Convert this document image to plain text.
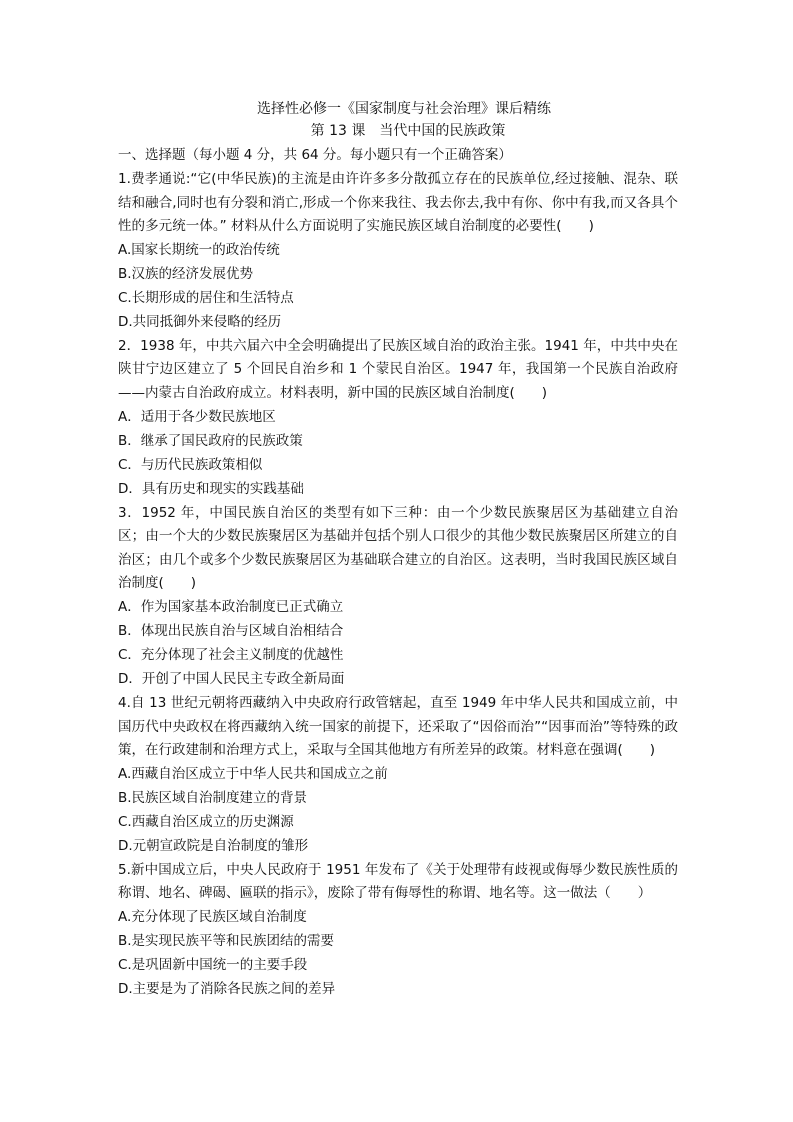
选择性必修一《国家制度与社会治理》课后精练
第 13 课　当代中国的民族政策
一、选择题（每小题 4 分，共 64 分。每小题只有一个正确答案）
1.费孝通说:“它(中华民族)的主流是由许许多多分散孤立存在的民族单位,经过接触、混杂、联结和融合,同时也有分裂和消亡,形成一个你来我往、我去你去,我中有你、你中有我,而又各具个性的多元统一体。” 材料从什么方面说明了实施民族区域自治制度的必要性(　　)
A.国家长期统一的政治传统
B.汉族的经济发展优势
C.长期形成的居住和生活特点
D.共同抵御外来侵略的经历
2．1938 年，中共六届六中全会明确提出了民族区域自治的政治主张。1941 年，中共中央在陕甘宁边区建立了 5 个回民自治乡和 1 个蒙民自治区。1947 年，我国第一个民族自治政府——内蒙古自治政府成立。材料表明，新中国的民族区域自治制度(　　)
A．适用于各少数民族地区
B．继承了国民政府的民族政策
C．与历代民族政策相似
D．具有历史和现实的实践基础
3．1952 年，中国民族自治区的类型有如下三种：由一个少数民族聚居区为基础建立自治区；由一个大的少数民族聚居区为基础并包括个别人口很少的其他少数民族聚居区所建立的自治区；由几个或多个少数民族聚居区为基础联合建立的自治区。这表明，当时我国民族区域自治制度(　　)
A．作为国家基本政治制度已正式确立
B．体现出民族自治与区域自治相结合
C．充分体现了社会主义制度的优越性
D．开创了中国人民民主专政全新局面
4.自 13 世纪元朝将西藏纳入中央政府行政管辖起，直至 1949 年中华人民共和国成立前，中国历代中央政权在将西藏纳入统一国家的前提下，还采取了“因俗而治”“因事而治”等特殊的政策，在行政建制和治理方式上，采取与全国其他地方有所差异的政策。材料意在强调(　　)
A.西藏自治区成立于中华人民共和国成立之前
B.民族区域自治制度建立的背景
C.西藏自治区成立的历史渊源
D.元朝宣政院是自治制度的雏形
5.新中国成立后，中央人民政府于 1951 年发布了《关于处理带有歧视或侮辱少数民族性质的称谓、地名、碑碣、匾联的指示》，废除了带有侮辱性的称谓、地名等。这一做法（　　）
A.充分体现了民族区域自治制度
B.是实现民族平等和民族团结的需要
C.是巩固新中国统一的主要手段
D.主要是为了消除各民族之间的差异
